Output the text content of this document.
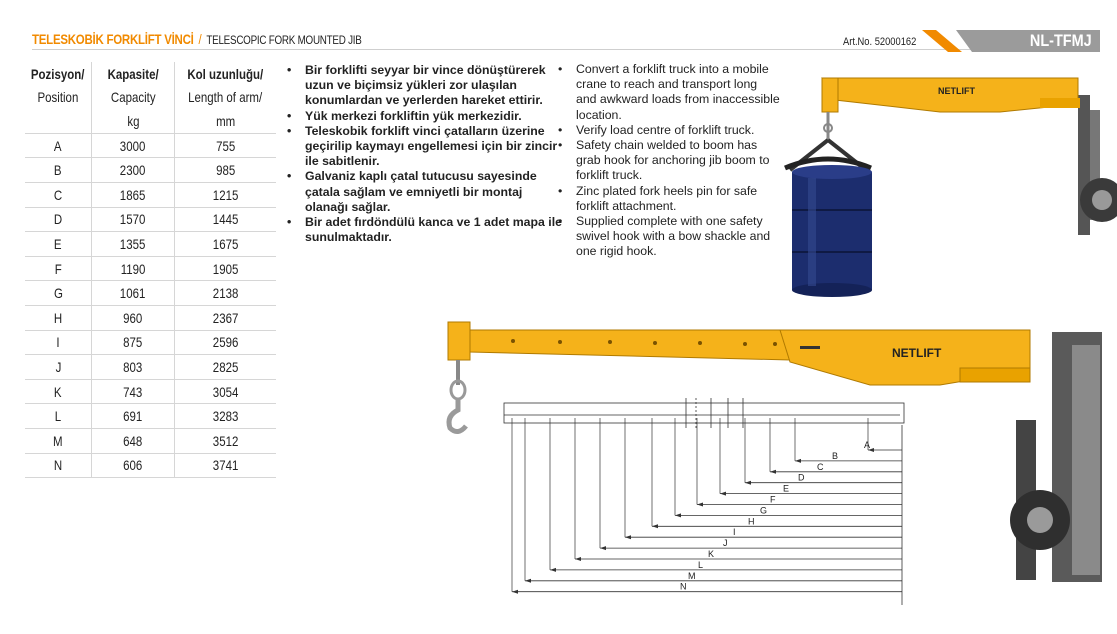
TELESKOBİK FORKLİFT VİNCİ / TELESCOPIC FORK MOUNTED JIB	Art.No. 52000162	NL-TFMJ
Pozisyon/	Kapasite/	Kol uzunluğu/
Position	Capacity	Length of arm/
	kg	mm
A	3000	755
B	2300	985
C	1865	1215
D	1570	1445
E	1355	1675
F	1190	1905
G	1061	2138
H	960	2367
I	875	2596
J	803	2825
K	743	3054
L	691	3283
M	648	3512
N	606	3741
• Bir forklifti seyyar bir vince dönüştürerek uzun ve biçimsiz yükleri zor ulaşılan konumlardan ve yerlerden hareket ettirir.
• Yük merkezi forkliftin yük merkezidir.
• Teleskobik forklift vinci çatalların üzerine geçirilip kaymayı engellemesi için bir zincir ile sabitlenir.
• Galvaniz kaplı çatal tutucusu sayesinde çatala sağlam ve emniyetli bir montaj olanağı sağlar.
• Bir adet fırdöndülü kanca ve 1 adet mapa ile sunulmaktadır.
• Convert a forklift truck into a mobile crane to reach and transport long and awkward loads from inaccessible location.
• Verify load centre of forklift truck.
• Safety chain welded to boom has grab hook for anchoring jib boom to forklift truck.
• Zinc plated fork heels pin for safe forklift attachment.
• Supplied complete with one safety swivel hook with a bow shackle and one rigid hook.
NETLIFT
NETLIFT
A
B
C
D
E
F
G
H
I
J
K
L
M
N
